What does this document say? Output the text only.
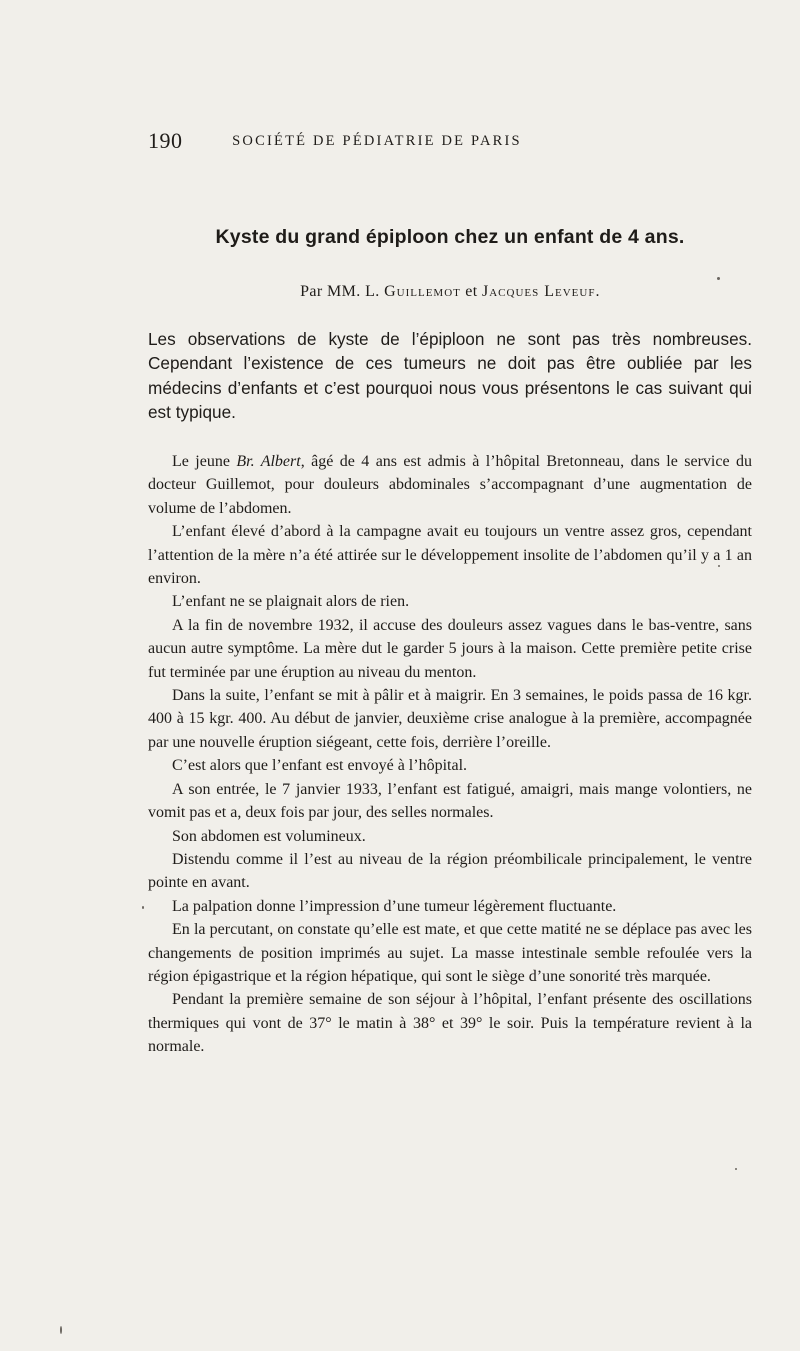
190	SOCIÉTÉ DE PÉDIATRIE DE PARIS
Kyste du grand épiploon chez un enfant de 4 ans.
Par MM. L. Guillemot et Jacques Leveuf.

Les observations de kyste de l’épiploon ne sont pas très nombreuses. Cependant l’existence de ces tumeurs ne doit pas être oubliée par les médecins d’enfants et c’est pourquoi nous vous présentons le cas suivant qui est typique.

Le jeune Br. Albert, âgé de 4 ans est admis à l’hôpital Bretonneau, dans le service du docteur Guillemot, pour douleurs abdominales s’accompagnant d’une augmentation de volume de l’abdomen.

L’enfant élevé d’abord à la campagne avait eu toujours un ventre assez gros, cependant l’attention de la mère n’a été attirée sur le développement insolite de l’abdomen qu’il y a 1 an environ.

L’enfant ne se plaignait alors de rien.

A la fin de novembre 1932, il accuse des douleurs assez vagues dans le bas-ventre, sans aucun autre symptôme. La mère dut le garder 5 jours à la maison. Cette première petite crise fut terminée par une éruption au niveau du menton.

Dans la suite, l’enfant se mit à pâlir et à maigrir. En 3 semaines, le poids passa de 16 kgr. 400 à 15 kgr. 400. Au début de janvier, deuxième crise analogue à la première, accompagnée par une nouvelle éruption siégeant, cette fois, derrière l’oreille.

C’est alors que l’enfant est envoyé à l’hôpital.

A son entrée, le 7 janvier 1933, l’enfant est fatigué, amaigri, mais mange volontiers, ne vomit pas et a, deux fois par jour, des selles normales.

Son abdomen est volumineux.

Distendu comme il l’est au niveau de la région préombilicale principalement, le ventre pointe en avant.

La palpation donne l’impression d’une tumeur légèrement fluctuante.

En la percutant, on constate qu’elle est mate, et que cette matité ne se déplace pas avec les changements de position imprimés au sujet. La masse intestinale semble refoulée vers la région épigastrique et la région hépatique, qui sont le siège d’une sonorité très marquée.

Pendant la première semaine de son séjour à l’hôpital, l’enfant présente des oscillations thermiques qui vont de 37° le matin à 38° et 39° le soir. Puis la température revient à la normale.
